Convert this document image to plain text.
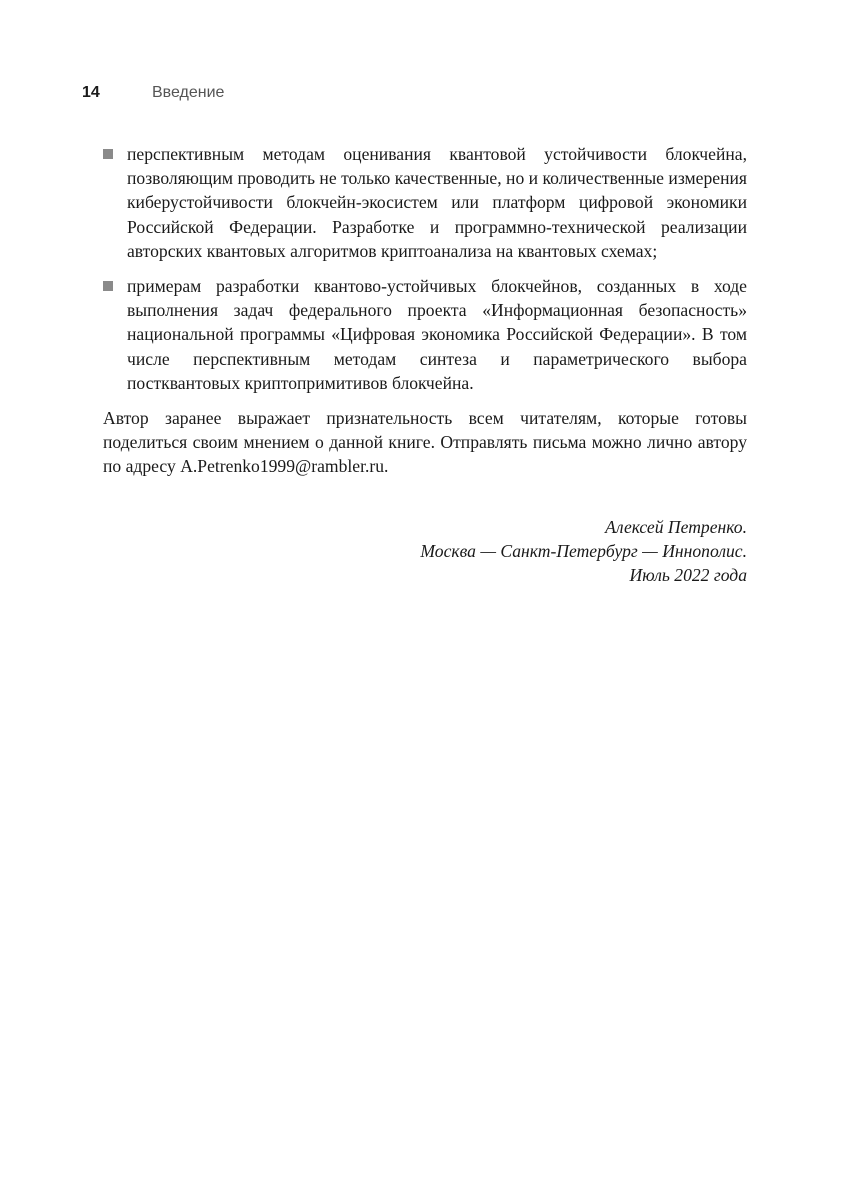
14	Введение
перспективным методам оценивания квантовой устойчивости блокчейна, позволяющим проводить не только качественные, но и количественные измерения киберустойчивости блокчейн-экосистем или платформ цифровой экономики Российской Федерации. Разработке и программно-технической реализации авторских квантовых алгоритмов криптоанализа на квантовых схемах;
примерам разработки квантово-устойчивых блокчейнов, созданных в ходе выполнения задач федерального проекта «Информационная безопасность» национальной программы «Цифровая экономика Российской Федерации». В том числе перспективным методам синтеза и параметрического выбора постквантовых криптопримитивов блокчейна.

Автор заранее выражает признательность всем читателям, которые готовы поделиться своим мнением о данной книге. Отправлять письма можно лично автору по адресу A.Petrenko1999@rambler.ru.

Алексей Петренко.
Москва — Санкт-Петербург — Иннополис.
Июль 2022 года
